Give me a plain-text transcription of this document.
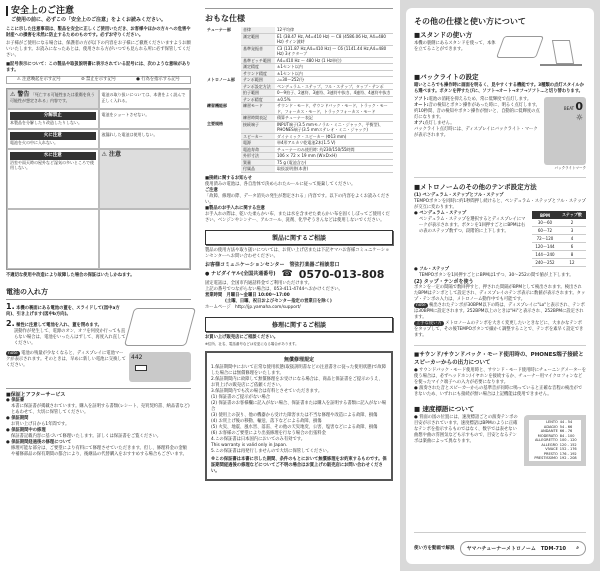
安全上のご注意
ご使用の前に、必ずこの「安全上のご注意」をよくお読みください。

ここに示した注意事項は、製品を安全に正しくご使用いただき、お客様やほかの方々への危害や財産への損害を未然に防止するためのものです。必ずお守りください。

お子様がご使用になる場合は、保護者の方が以下の内容をお子様にご徹底くださいますようお願いいたします。お読みになったあとは、使用される方がいつでも見られる所に必ず保管してください。

■記号表示について：この製品や取扱説明書に表示されている記号には、次のような意味があります。

⚠ 注意喚起を示す記号	⊘ 禁止を示す記号	● 行為を指示する記号
⚠ 警告 「死亡する可能性または重傷を負う可能性が想定される」内容です。
電池の取り扱いについては、本書をよく読んで正しく入れる。
分解禁止
本製品を分解したり改造したりしない。
電池をショートさせない。
火に注意
電池を火の中に入れない。
液漏れした電池は使用しない。
水に注意
浴室や雨天時の屋外など湿気の多いところで使用しない。
⚠ 注意

不適切な使用や改造により故障した場合の保証はいたしかねます。

電池の入れ方
1. 本機の裏面にある電池の蓋を、スライドして(図中a方向)、引き上げます(図中b方向)。
2. 極性に注意して電池を入れ、蓋を閉めます。

誤動作が発生して、電源のオン、オフを何度か行っても直らない場合は、電池をいったんはずして、再度入れ直してください。

note 電池の残量が少なくなると、ディスプレイに電池マークが表示されます。そのときは、早めに新しい電池に交換してください。

442
■保証とアフターサービス
● 保証書
本書に保証書が掲載されています。購入を証明する書類(レシート、売買契約書、納品書など)とあわせて、大切に保管してください。
● 保証期間
お買い上げ日から1年間です。
● 保証期間中の修理
保証書記載内容に基づいて修理いたします。詳しくは保証書をご覧ください。
● 保証期間経過後の修理について
修理可能な部分は、ご要望により有料にて修理させていただきます。但し、修理料金の金額や補修部品の保有期間の都合により、後継品の代替購入をおすすめする場合もございます。
おもな仕様
チューナー部	音律	12平均律
	測定範囲	E1 (38.47 Hz, A4=410 Hz) ～ C8 (4586.06 Hz, A4=480 Hz) サイン波時
	基準発振音	C3 (131.87 Hz,A4=410 Hz) ～ C6 (1141.44 Hz,A4=480 Hz) 3オクターブ
	基準ピッチ範囲	A4=410 Hz ～ 480 Hz (1 Hz単位)
	測定精度	±1セント以内
	サウンド精度	±1セント以内
メトロノーム部	テンポ範囲	♩=30～252/分
	テンポ設定方法	ペンデュラム・ステップ、フル・ステップ、タップ・テンポ
	拍子範囲	0～9拍子、2連符、3連符、3連符中抜き、4連符、4連符中抜き
	テンポ精度	±0.5%
練習機能部	練習モード	サウンド・モード、サウンドバック・モード、トラック・モード、フォーカス・モード、トラックフォーカス・モード
	練習時間表記	積算チューナー表記
主要規格	接続端子	INPUT端子(3.5 mmモノラル・ミニ・ジャック、平衡型)、PHONES端子(3.5 mmステレオ・ミニ・ジャック)
	スピーカー	ダイナミック・スピーカー (Φ13 mm)
	電源	単4形アルカリ乾電池2本(1.5 V)
	電池寿命	チューナーのみ使用時: 約230/150/55時間
	外形寸法	106 × 72 × 19 mm (W×D×H)
	質量	75 g (電池含む)
	付属品	取扱説明書(本書)
■接続に関するお知らせ
使用済みの電池は、各自治体で決められたルールに従って廃棄してください。
ご注意
「故障、修理の際、データ消失の発生が想定される」内容です。以下の内容をよくお読みください。
■製品のお手入れに関する注意
お手入れの際は、乾いた柔らかい布、または水を含ませた柔らかい布を固くしぼってご使用ください。ベンジンやシンナー、アルコール、洗剤、化学ぞうきんなどは使用しないでください。
製品に関するご相談

製品の使用方法や取り扱いについては、お買い上げ店または下記ヤマハお客様コミュニケーションセンターへお問い合わせください。

お客様コミュニケーションセンター　管弦打楽器ご相談窓口

● ナビダイヤル(全国共通番号) ☎ 0570-013-808

固定電話は、全国市内通話料金でご利用いただけます。

上記の番号でつながらない場合は、053-411-4744へおかけください。

営業時間　月曜日～金曜日 10:00～17:00

(土曜、日曜、祝日およびセンター指定の営業日を除く)

ホームページ　 http://jp.yamaha.com/support/

修理に関するご相談

お買い上げ販売店にご相談ください。

※住所、社名、電話番号などは変更になる場合があります。

無償修理規定
1.保証期間中において正常な使用状態(取扱説明書などの注意書きに従った使用状態)で故障した場合には無償修理をいたします。
2.保証期間内に故障して無償修理をお受けになる場合は、商品と保証書をご提示のうえ、お買上げの販売店にご依頼ください。
3.保証期間内でも次の場合は有料とさせていただきます。
(1) 保証書のご提示がない場合
(2) 保証書のお客様欄に記入がない場合、保証書または購入を証明する書類に記入がない場合
(3) 使用上の誤り、他の機器から受けた障害または不当な修理や改造による故障、損傷
(4) お買上げ後の移動、輸送、落下などによる故障、損傷
(5) 火災、地震、風水害、落雷、その他の天災地変、公害、塩害などによる故障、損傷
(6) お客様のご要望により出張修理を行なう場合の出張料金
4.この保証書は日本国内においてのみ有効です。
This warranty is valid only in Japan.
5.この保証書は再発行しませんので大切に保管してください。

※この保証書は本書に示した期間、条件のもとにおいて無償修理をお約束するものです。保証期間経過後の修理などについてご不明の場合はお買上げの販売店にお問い合わせください。

その他の仕様と使い方について
■スタンドの使い方

本機の裏側にあるスタンドを使って、本体を立てることができます。

■バックライトの設定

暗いところでも操作時に画面を明るく、見やすくする機能です。3種類の点灯スタイルから選べます。ボタンを押すたびに、ソフト→オート→オフ→ソフト…と切り替わります。

ソフト:電池の消耗を抑えるため、常に低輝度で点灯します。
オート:音の検知とボタン操作があった時に、明るく点灯します。約10秒間、音の検知やボタン操作が無いと、自動的に低輝度の点灯になります。
オフ:点灯しません。
バックライト点灯時には、ディスプレイにバックライト・マークが表示されます。
BEAT 0
☼

バックライトマーク

■メトロノームのその他のテンポ設定方法

(1) ペンデュラム・ステップとフル・ステップ

TEMPOボタンを同時に約1秒間押し続けると、ペンデュラム・ステップとフル・ステップが交互に変わります。

● ペンデュラム・ステップ

ペンデュラム・ステップを選択するとディスプレイにマークが表示されます。ボタンを1回押すごとにBPMは右の表のステップ数ずつ、段階的に上下します。

BPM	ステップ数
30～60	2
60～72	3
72～120	4
120～144	6
144～240	8
240～252	12

● フル・ステップ

TEMPOボタンを1回押すごとにBPMは1ずつ、30～252の間で値が上下します。

(2) タップ・テンポを使う

ボタンを一定の間隔で数回押すと、押された間隔がBPMとして検出されます。検出されたBPMはテンポとして設定され、ディスプレイのテンポ表示に数値が表示されます。タップ・テンポの入力は、メトロノーム動作中でも可能です。

note 検出されたテンポが30BPM以下の時は、ディスプレイに"Lo"と表示され、テンポは30BPMに設定されます。252BPM以上のときは"Hi"と表示され、252BPMに設定されます。

上手な使い方 メトロノームのテンポを大きく変更したいときなどに、大まかなテンポをタップして、その後TEMPOボタンで細かく調整することで、テンポを素早く設定できます。

■サウンド/サウンドバック・モード使用時の、PHONES端子接続とスピーカーからの出力について

● サウンドバック・モード使用時と、サウンド・モード使用時にチューニングメーターを使う場合は、必ずヘッドホン/イヤホンを接続するか、チューナー用マイクロフォンなどを使ったマイク端子への入力が必要になります。

● 演奏された音とスピーカーからの基準音が同時に鳴っていると正確な音程の検出ができないため、いずれにも接続が無い場合は上記機能は使用できません。

■ 速度標語について

● 背面の図の位置には、速度標語ごとの演奏テンポの目安が示されています。速度標語はBPMのように正確なテンポを指示するものではなく、数字では表せない曲想や曲の雰囲気なども示すもので、目安となるテンポは楽曲によって異なります。

LENTO	44 - 54
ADAGIO	54 - 66
ANDANTE	66 - 76
MODERATO	84 - 100
ALLEGRETTO	100 - 120
ALLEGRO	120 - 152
VIVACE	152 - 176
PRESTO	176 - 192
PRESTISSIMO	192 - 208
使い方を動画で解説 ヤマハチューナーメトロノーム　TDM-710 ⌕
